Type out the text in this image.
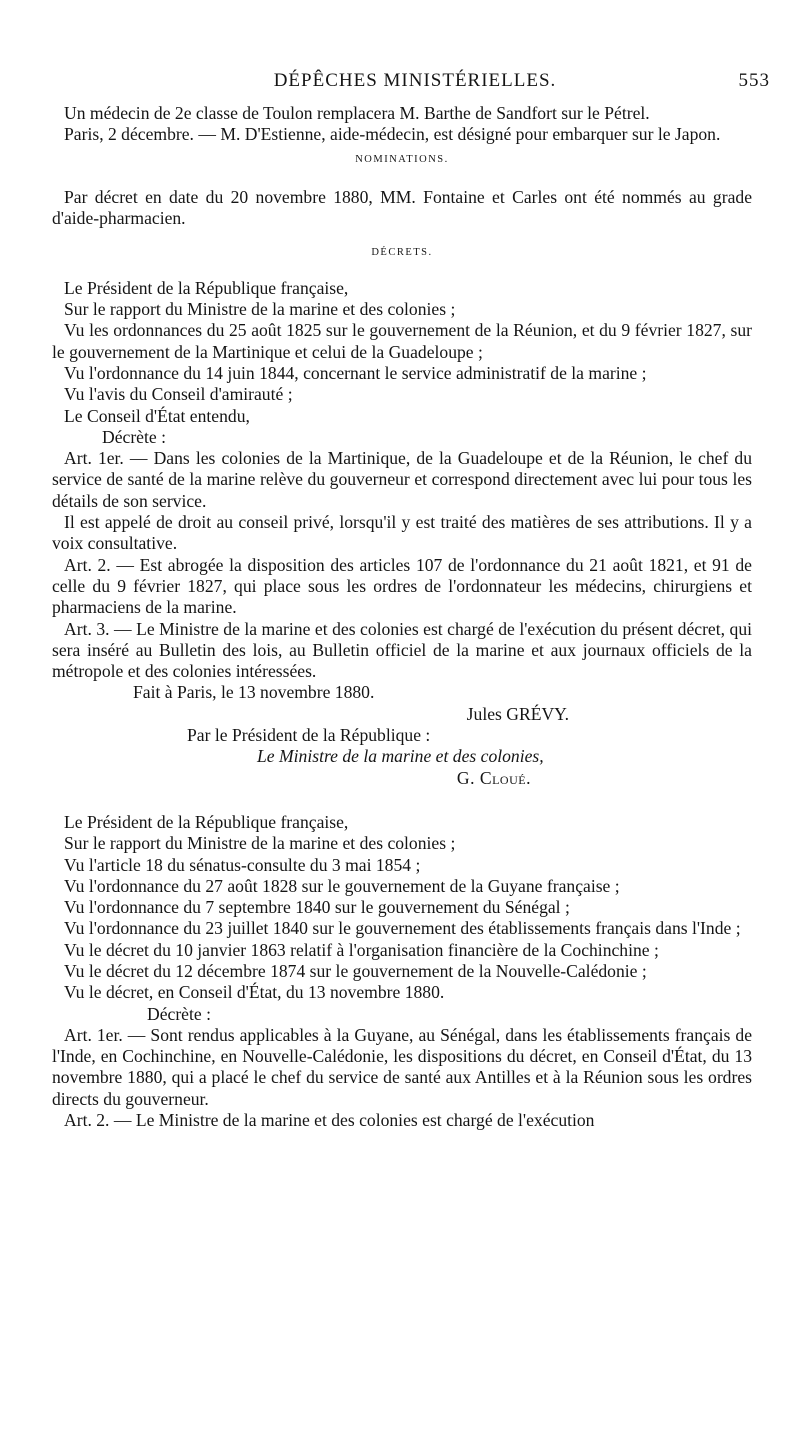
DÉPÊCHES MINISTÉRIELLES.	553

Un médecin de 2e classe de Toulon remplacera M. Barthe de Sandfort sur le Pétrel.

Paris, 2 décembre. — M. D'Estienne, aide-médecin, est désigné pour embarquer sur le Japon.

NOMINATIONS.

Par décret en date du 20 novembre 1880, MM. Fontaine et Carles ont été nommés au grade d'aide-pharmacien.

DÉCRETS.

Le Président de la République française,

Sur le rapport du Ministre de la marine et des colonies ;

Vu les ordonnances du 25 août 1825 sur le gouvernement de la Réunion, et du 9 février 1827, sur le gouvernement de la Martinique et celui de la Guadeloupe ;

Vu l'ordonnance du 14 juin 1844, concernant le service administratif de la marine ;

Vu l'avis du Conseil d'amirauté ;

Le Conseil d'État entendu,

Décrète :

Art. 1er. — Dans les colonies de la Martinique, de la Guadeloupe et de la Réunion, le chef du service de santé de la marine relève du gouverneur et correspond directement avec lui pour tous les détails de son service.

Il est appelé de droit au conseil privé, lorsqu'il y est traité des matières de ses attributions. Il y a voix consultative.

Art. 2. — Est abrogée la disposition des articles 107 de l'ordonnance du 21 août 1821, et 91 de celle du 9 février 1827, qui place sous les ordres de l'ordonnateur les médecins, chirurgiens et pharmaciens de la marine.

Art. 3. — Le Ministre de la marine et des colonies est chargé de l'exécution du présent décret, qui sera inséré au Bulletin des lois, au Bulletin officiel de la marine et aux journaux officiels de la métropole et des colonies intéressées.

Fait à Paris, le 13 novembre 1880.

Jules GRÉVY.

Par le Président de la République :

Le Ministre de la marine et des colonies,

G. Cloué.

Le Président de la République française,

Sur le rapport du Ministre de la marine et des colonies ;

Vu l'article 18 du sénatus-consulte du 3 mai 1854 ;

Vu l'ordonnance du 27 août 1828 sur le gouvernement de la Guyane française ;

Vu l'ordonnance du 7 septembre 1840 sur le gouvernement du Sénégal ;

Vu l'ordonnance du 23 juillet 1840 sur le gouvernement des établissements français dans l'Inde ;

Vu le décret du 10 janvier 1863 relatif à l'organisation financière de la Cochinchine ;

Vu le décret du 12 décembre 1874 sur le gouvernement de la Nouvelle-Calédonie ;

Vu le décret, en Conseil d'État, du 13 novembre 1880.

Décrète :

Art. 1er. — Sont rendus applicables à la Guyane, au Sénégal, dans les établissements français de l'Inde, en Cochinchine, en Nouvelle-Calédonie, les dispositions du décret, en Conseil d'État, du 13 novembre 1880, qui a placé le chef du service de santé aux Antilles et à la Réunion sous les ordres directs du gouverneur.

Art. 2. — Le Ministre de la marine et des colonies est chargé de l'exécution
